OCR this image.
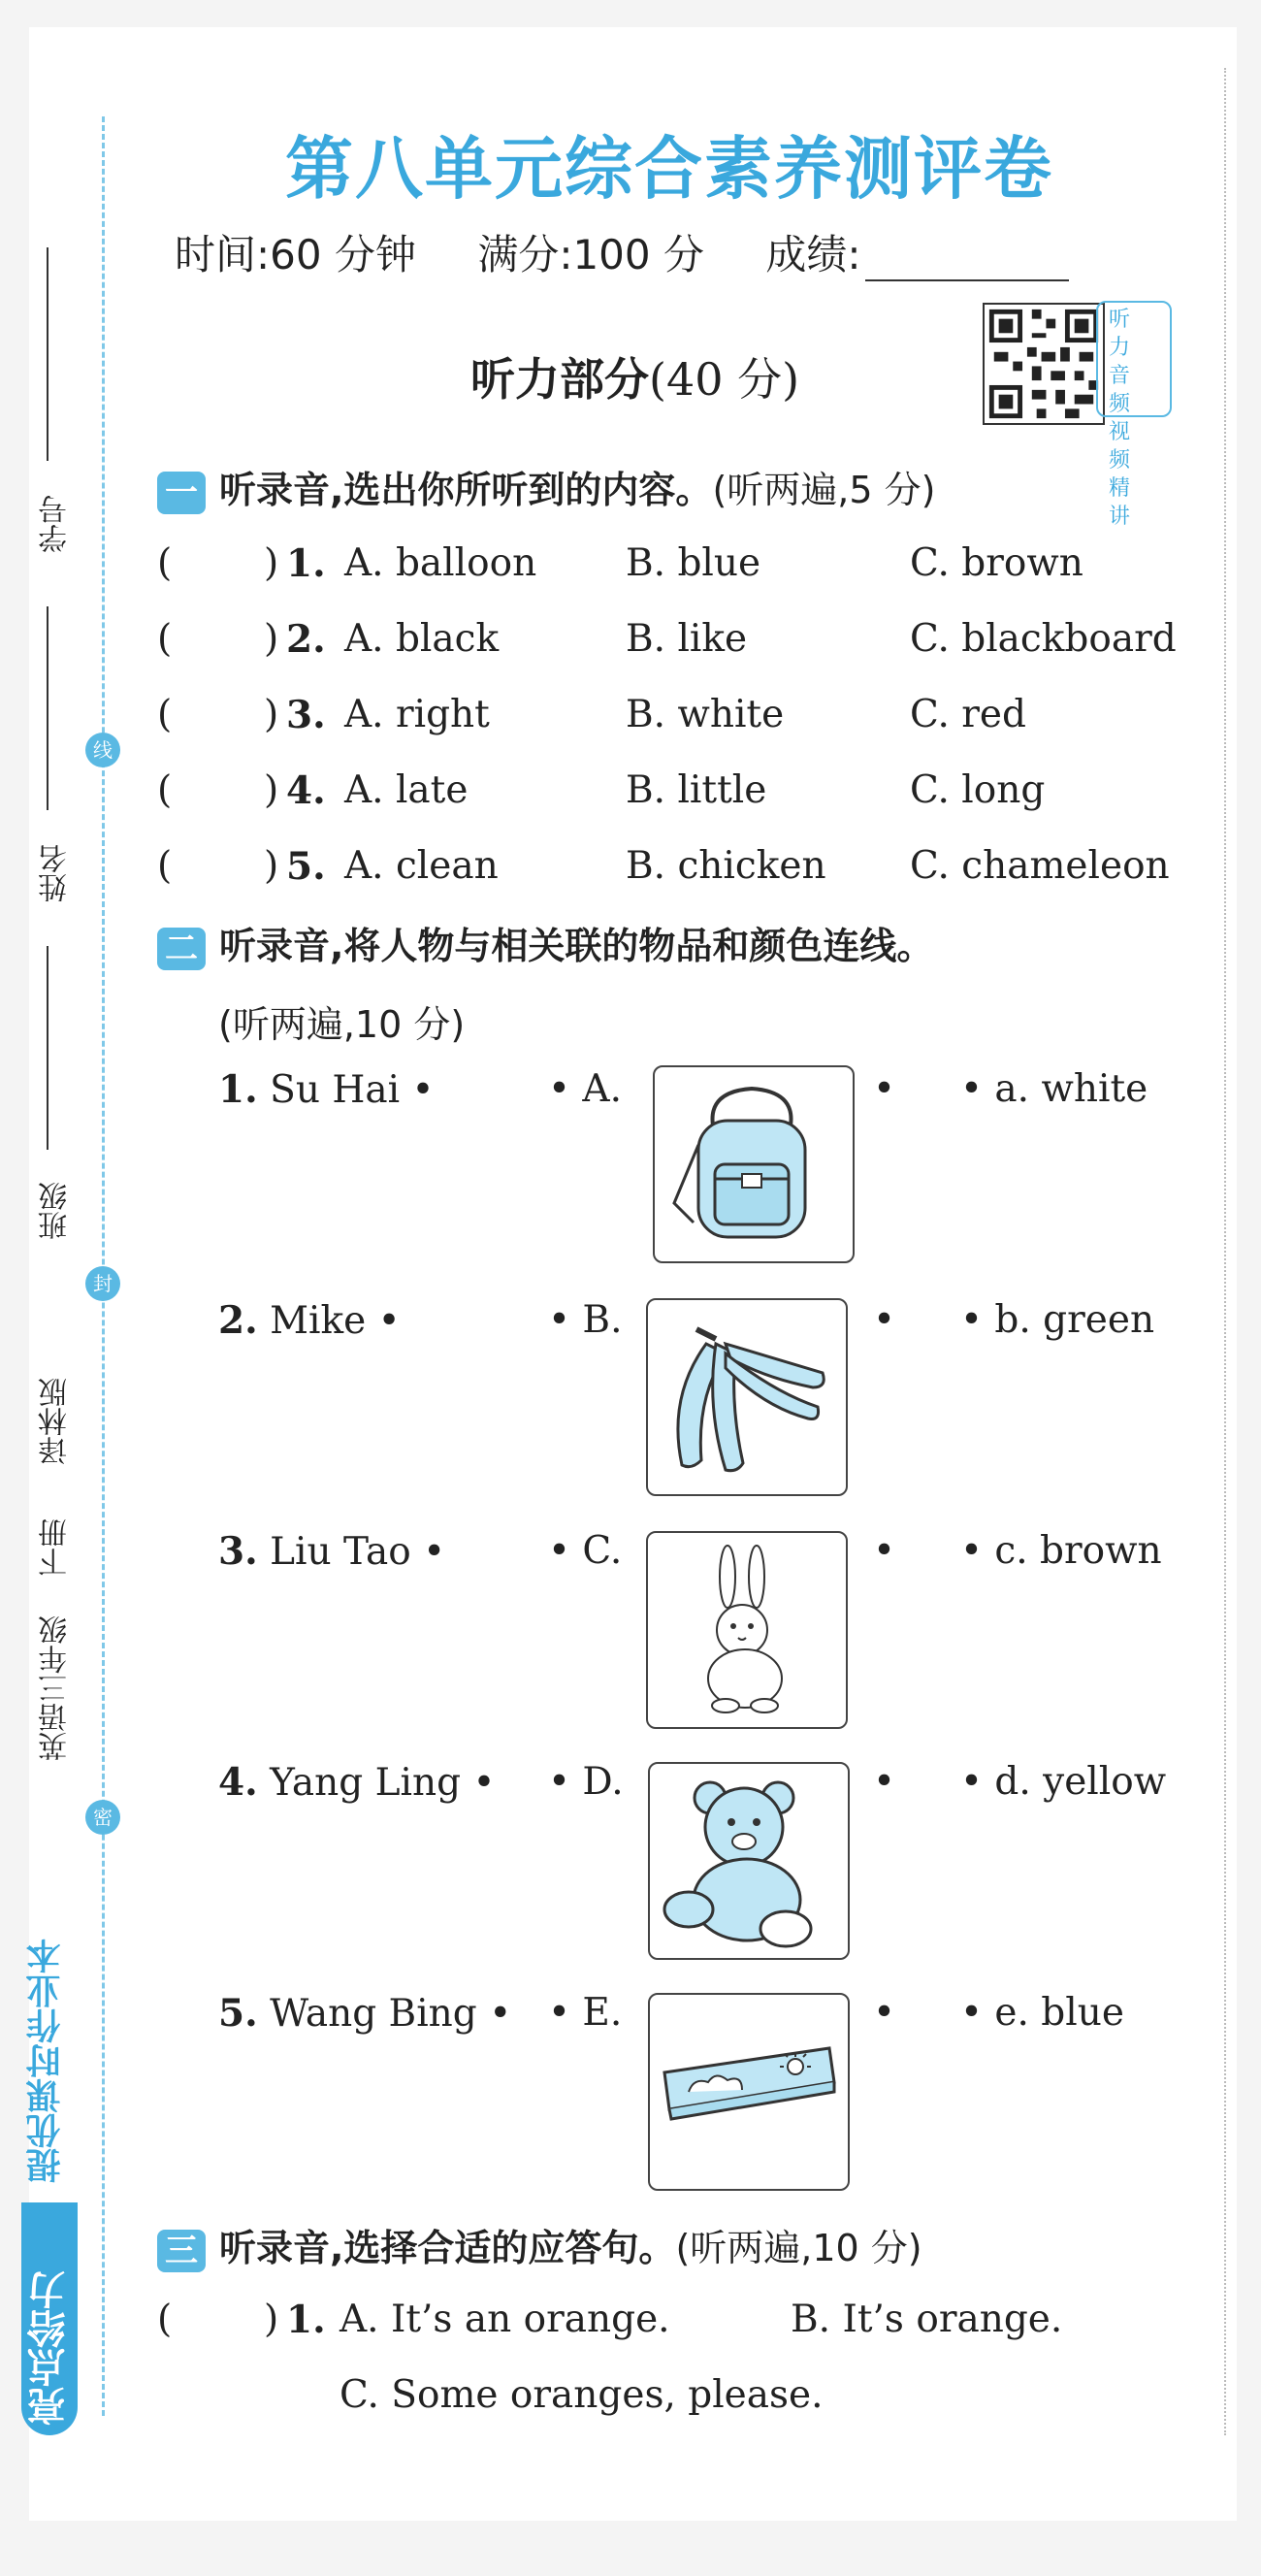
学号
姓名
班级
译林版
下册
英语三年级
线
封
密
提优课时作业本
亮点给力
第八单元综合素养测评卷
时间:60 分钟 满分:100 分 成绩:
听力部分(40 分)
听
力
音
频
视
频
精
讲
一 听录音,选出你所听到的内容。(听两遍,5 分)
( ) 1. A. balloon B. blue	C. brown
( ) 2. A. black	B. like	C. blackboard
( ) 3. A. right	B. white	C. red
( ) 4. A. late	B. little	C. long
( ) 5. A. clean	B. chicken C. chameleon
二 听录音,将人物与相关联的物品和颜色连线。
(听两遍,10 分)
1. Su Hai •	• A.	• • a. white
2. Mike •	• B.	• • b. green
3. Liu Tao •	• C.	• • c. brown
4. Yang Ling • • D.	• • d. yellow
5. Wang Bing • • E.	• • e. blue
三 听录音,选择合适的应答句。(听两遍,10 分)
( ) 1. A. It’s an orange.	B. It’s orange.
C. Some oranges, please.
